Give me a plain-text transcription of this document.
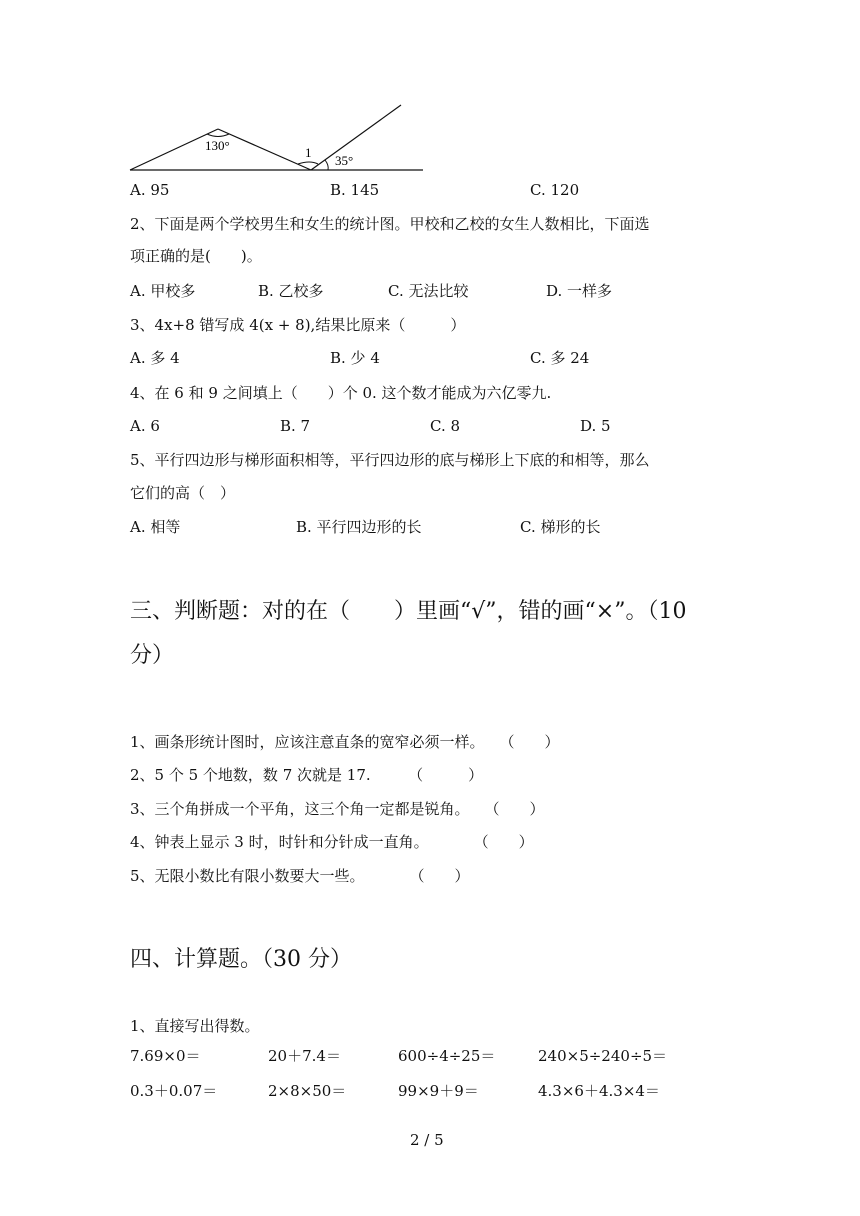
130°	1
35°
A. 95	B. 145	C. 120
2、下面是两个学校男生和女生的统计图。甲校和乙校的女生人数相比，下面选
项正确的是(　　)。
A. 甲校多	B. 乙校多	C. 无法比较	D. 一样多
3、4x+8 错写成 4(x + 8),结果比原来（　　　）
A. 多 4	B. 少 4	C. 多 24
4、在 6 和 9 之间填上（　　）个 0. 这个数才能成为六亿零九.
A. 6	B. 7	C. 8	D. 5
5、平行四边形与梯形面积相等，平行四边形的底与梯形上下底的和相等，那么
它们的高（　）
A. 相等	B. 平行四边形的长	C. 梯形的长
三、判断题：对的在（　　）里画“√”，错的画“×”。（10
分）
1、画条形统计图时，应该注意直条的宽窄必须一样。　　（　　）
2、5 个 5 个地数，数 7 次就是 17.　　　（　　　）
3、三个角拼成一个平角，这三个角一定都是锐角。　　（　　）
4、钟表上显示 3 时，时针和分针成一直角。　　　　（　　）
5、无限小数比有限小数要大一些。　　　　（　　）
四、计算题。（30 分）
1、直接写出得数。
7.69×0＝	20＋7.4＝	600÷4÷25＝	240×5÷240÷5＝
0.3＋0.07＝	2×8×50＝	99×9＋9＝	4.3×6＋4.3×4＝
2 / 5
